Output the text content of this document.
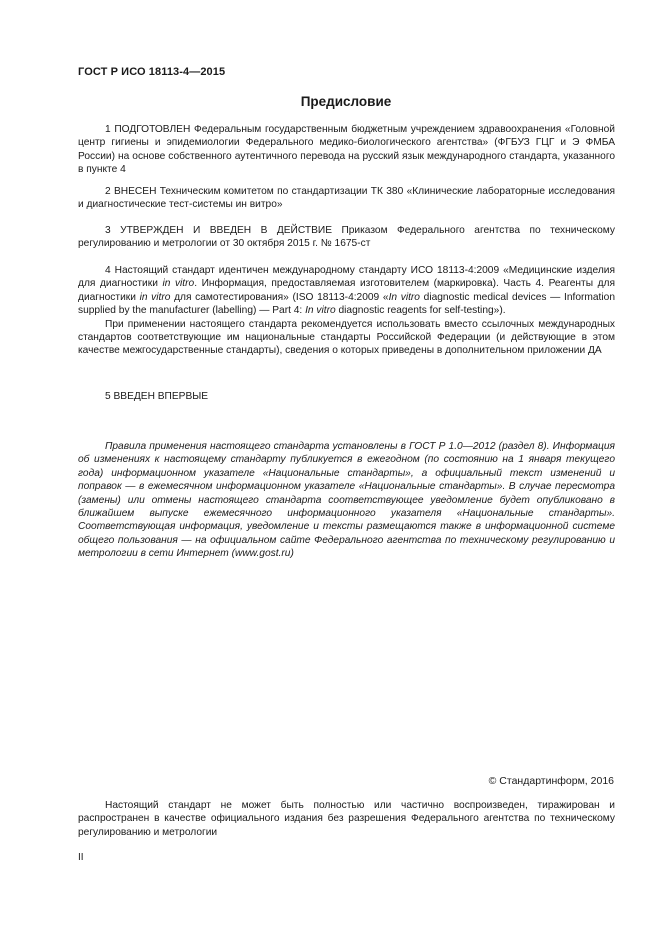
ГОСТ Р ИСО 18113-4—2015
Предисловие

1 ПОДГОТОВЛЕН Федеральным государственным бюджетным учреждением здравоохранения «Головной центр гигиены и эпидемиологии Федерального медико-биологического агентства» (ФГБУЗ ГЦГ и Э ФМБА России) на основе собственного аутентичного перевода на русский язык международного стандарта, указанного в пункте 4

2 ВНЕСЕН Техническим комитетом по стандартизации ТК 380 «Клинические лабораторные исследования и диагностические тест-системы ин витро»

3 УТВЕРЖДЕН И ВВЕДЕН В ДЕЙСТВИЕ Приказом Федерального агентства по техническому регулированию и метрологии от 30 октября 2015 г. № 1675-ст

4 Настоящий стандарт идентичен международному стандарту ИСО 18113-4:2009 «Медицинские изделия для диагностики in vitro. Информация, предоставляемая изготовителем (маркировка). Часть 4. Реагенты для диагностики in vitro для самотестирования» (ISO 18113-4:2009 «In vitro diagnostic medical devices — Information supplied by the manufacturer (labelling) — Part 4: In vitro diagnostic reagents for self-testing»).

При применении настоящего стандарта рекомендуется использовать вместо ссылочных международных стандартов соответствующие им национальные стандарты Российской Федерации (и действующие в этом качестве межгосударственные стандарты), сведения о которых приведены в дополнительном приложении ДА

5 ВВЕДЕН ВПЕРВЫЕ

Правила применения настоящего стандарта установлены в ГОСТ Р 1.0—2012 (раздел 8). Информация об изменениях к настоящему стандарту публикуется в ежегодном (по состоянию на 1 января текущего года) информационном указателе «Национальные стандарты», а официальный текст изменений и поправок — в ежемесячном информационном указателе «Национальные стандарты». В случае пересмотра (замены) или отмены настоящего стандарта соответствующее уведомление будет опубликовано в ближайшем выпуске ежемесячного информационного указателя «Национальные стандарты». Соответствующая информация, уведомление и тексты размещаются также в информационной системе общего пользования — на официальном сайте Федерального агентства по техническому регулированию и метрологии в сети Интернет (www.gost.ru)

© Стандартинформ, 2016

Настоящий стандарт не может быть полностью или частично воспроизведен, тиражирован и распространен в качестве официального издания без разрешения Федерального агентства по техническому регулированию и метрологии

II
